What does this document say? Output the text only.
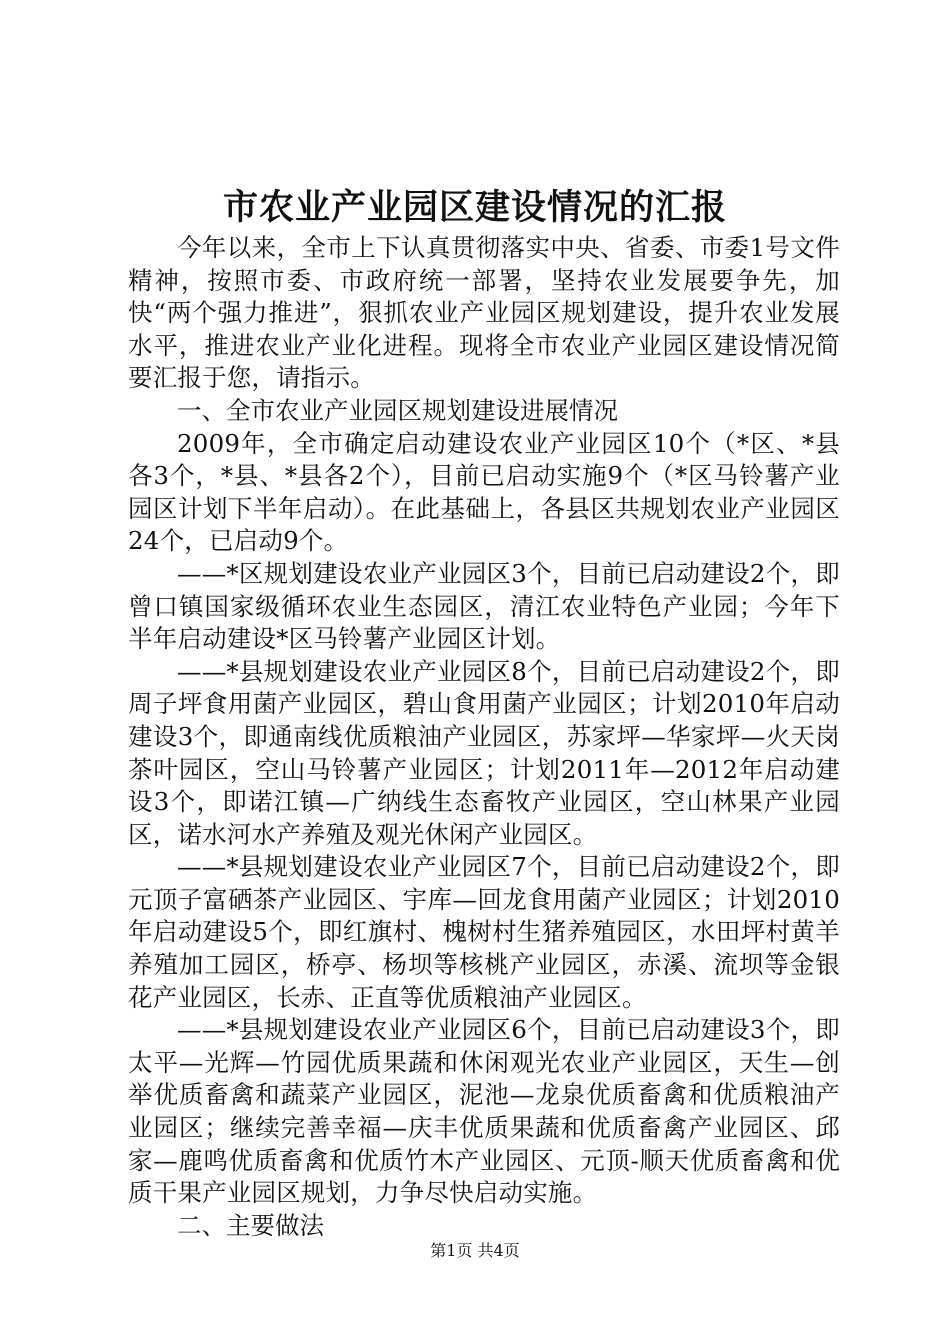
市农业产业园区建设情况的汇报

今年以来，全市上下认真贯彻落实中央、省委、市委1号文件精神，按照市委、市政府统一部署，坚持农业发展要争先，加快“两个强力推进”，狠抓农业产业园区规划建设，提升农业发展水平，推进农业产业化进程。现将全市农业产业园区建设情况简要汇报于您，请指示。

一、全市农业产业园区规划建设进展情况

2009年，全市确定启动建设农业产业园区10个（*区、*县各3个，*县、*县各2个），目前已启动实施9个（*区马铃薯产业园区计划下半年启动）。在此基础上，各县区共规划农业产业园区24个，已启动9个。

——*区规划建设农业产业园区3个，目前已启动建设2个，即曾口镇国家级循环农业生态园区，清江农业特色产业园；今年下半年启动建设*区马铃薯产业园区计划。

——*县规划建设农业产业园区8个，目前已启动建设2个，即周子坪食用菌产业园区，碧山食用菌产业园区；计划2010年启动建设3个，即通南线优质粮油产业园区，苏家坪—华家坪—火天岗茶叶园区，空山马铃薯产业园区；计划2011年—2012年启动建设3个，即诺江镇—广纳线生态畜牧产业园区，空山林果产业园区，诺水河水产养殖及观光休闲产业园区。

——*县规划建设农业产业园区7个，目前已启动建设2个，即元顶子富硒茶产业园区、宇库—回龙食用菌产业园区；计划2010年启动建设5个，即红旗村、槐树村生猪养殖园区，水田坪村黄羊养殖加工园区，桥亭、杨坝等核桃产业园区，赤溪、流坝等金银花产业园区，长赤、正直等优质粮油产业园区。

——*县规划建设农业产业园区6个，目前已启动建设3个，即太平—光辉—竹园优质果蔬和休闲观光农业产业园区，天生—创举优质畜禽和蔬菜产业园区，泥池—龙泉优质畜禽和优质粮油产业园区；继续完善幸福—庆丰优质果蔬和优质畜禽产业园区、邱家—鹿鸣优质畜禽和优质竹木产业园区、元顶-顺天优质畜禽和优质干果产业园区规划，力争尽快启动实施。

二、主要做法

第1页 共4页
